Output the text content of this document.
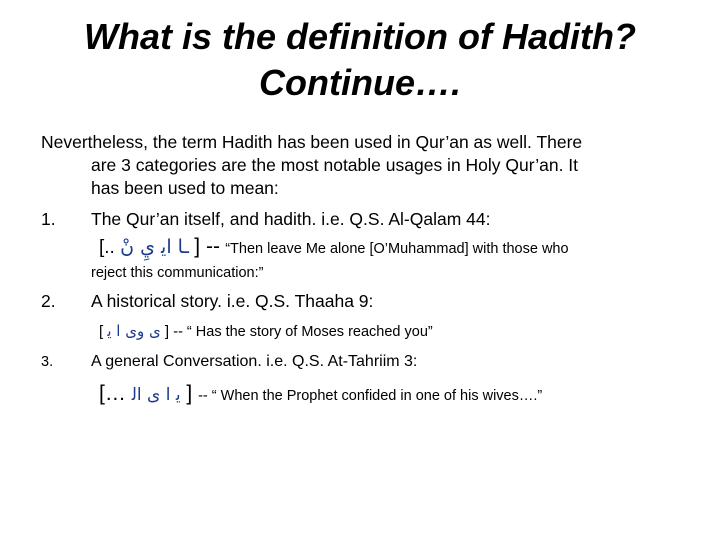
What is the definition of Hadith?
Continue….
Nevertheless, the term Hadith has been used in Qur’an as well. There
are 3 categories are the most notable usages in Holy Qur’an. It
has been used to mean:
1. The Qur’an itself, and hadith. i.e. Q.S. Al-Qalam 44:
[.. ـا اﻳ يِ نْ ] -- “Then leave Me alone [O’Muhammad] with those who
reject this communication:”
2. A historical story. i.e. Q.S. Thaaha 9:
[ ﻯ وﻯ ﺍ ﻳ ] -- “ Has the story of Moses reached you”
3. A general Conversation. i.e. Q.S. At-Tahriim 3:
[… ﻳ ﺍ ﻯ ﺍﻟ ] -- “ When the Prophet confided in one of his wives….”
